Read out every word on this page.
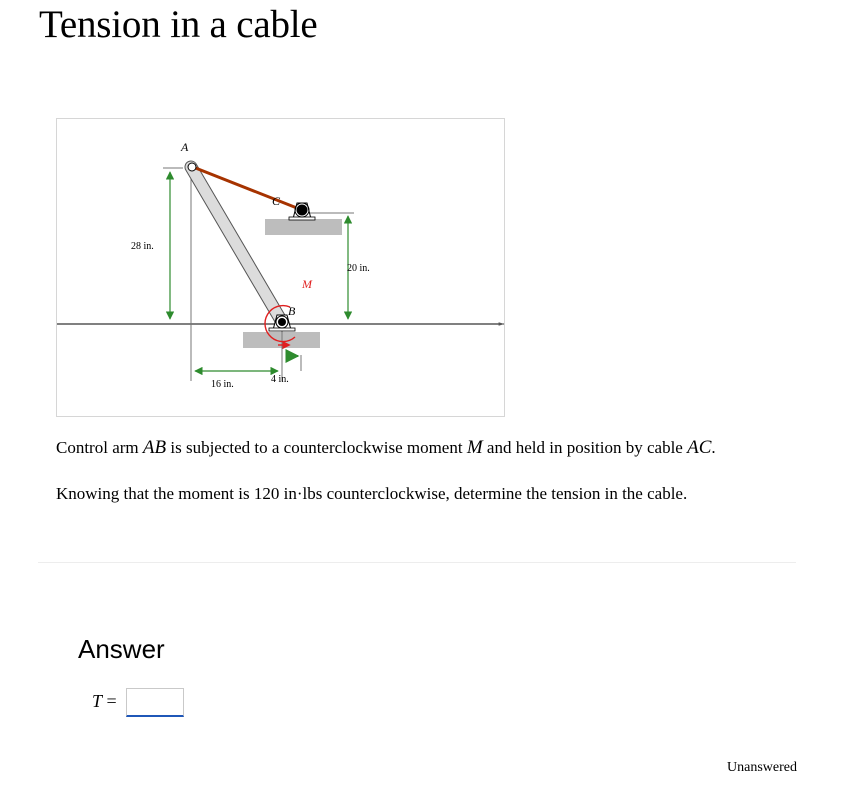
Tension in a cable
A
C
B
M
28 in.
20 in.
16 in.	4 in.

Control arm AB is subjected to a counterclockwise moment M and held in position by cable AC.

Knowing that the moment is 120 in·lbs counterclockwise, determine the tension in the cable.

Answer
T =
Unanswered
